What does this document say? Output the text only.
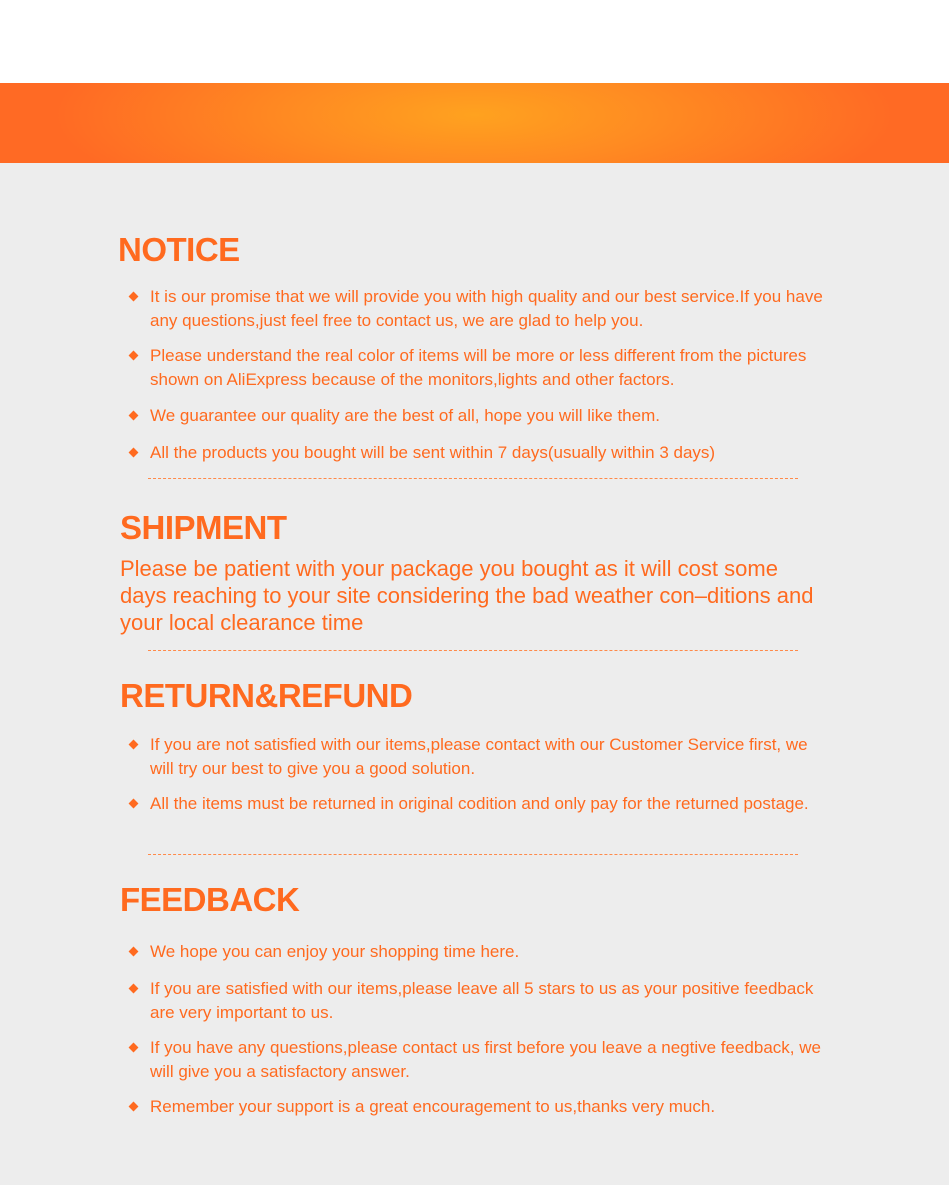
NOTICE
It is our promise that we will provide you with high quality and our best service.If you have any questions,just feel free to contact us, we are glad to help you.
Please understand the real color of items will be more or less different from the pictures shown on AliExpress because of the monitors,lights and other factors.
We guarantee our quality are the best of all, hope you will like them.
All the products you bought will be sent within 7 days(usually within 3 days)
SHIPMENT

Please be patient with your package you bought as it will cost some days reaching to your site considering the bad weather con–ditions and your local clearance time

RETURN&REFUND
If you are not satisfied with our items,please contact with our Customer Service first, we will try our best to give you a good solution.
All the items must be returned in original codition and only pay for the returned postage.
FEEDBACK
We hope you can enjoy your shopping time here.
If you are satisfied with our items,please leave all 5 stars to us as your positive feedback are very important to us.
If you have any questions,please contact us first before you leave a negtive feedback, we will give you a satisfactory answer.
Remember your support is a great encouragement to us,thanks very much.
